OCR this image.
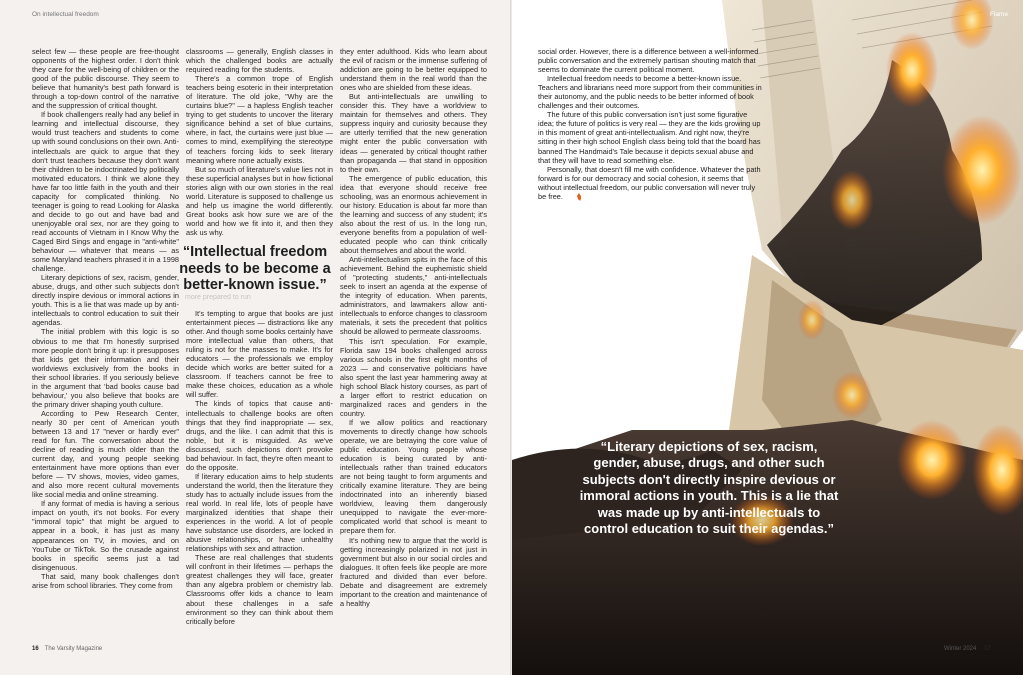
On intellectual freedom

select few — these people are free-thought opponents of the highest order. I don't think they care for the well-being of children or the good of the public discourse. They seem to believe that humanity's best path forward is through a top-down control of the narrative and the suppression of critical thought.

If book challengers really had any belief in learning and intellectual discourse, they would trust teachers and students to come up with sound conclusions on their own. Anti-intellectuals are quick to argue that they don't trust teachers because they don't want their children to be indoctrinated by politically motivated educators. I think we alone they have far too little faith in the youth and their capacity for complicated thinking. No teenager is going to read Looking for Alaska and decide to go out and have bad and unenjoyable oral sex, nor are they going to read accounts of Vietnam in I Know Why the Caged Bird Sings and engage in "anti-white" behaviour — whatever that means — as some Maryland teachers phrased it in a 1998 challenge.

Literary depictions of sex, racism, gender, abuse, drugs, and other such subjects don't directly inspire devious or immoral actions in youth. This is a lie that was made up by anti-intellectuals to control education to suit their agendas.

The initial problem with this logic is so obvious to me that I'm honestly surprised more people don't bring it up: it presupposes that kids get their information and their worldviews exclusively from the books in their school libraries. If you seriously believe in the argument that 'bad books cause bad behaviour,' you also believe that books are the primary driver shaping youth culture.

According to Pew Research Center, nearly 30 per cent of American youth between 13 and 17 "never or hardly ever" read for fun. The conversation about the decline of reading is much older than the current day, and young people seeking entertainment have more options than ever before — TV shows, movies, video games, and also more recent cultural movements like social media and online streaming.

If any format of media is having a serious impact on youth, it's not books. For every "immoral topic" that might be argued to appear in a book, it has just as many appearances on TV, in movies, and on YouTube or TikTok. So the crusade against books in specific seems just a tad disingenuous.

That said, many book challenges don't arise from school libraries. They come from

classrooms — generally, English classes in which the challenged books are actually required reading for the students.

There's a common trope of English teachers being esoteric in their interpretation of literature. The old joke, "Why are the curtains blue?" — a hapless English teacher trying to get students to uncover the literary significance behind a set of blue curtains, where, in fact, the curtains were just blue — comes to mind, exemplifying the stereotype of teachers forcing kids to seek literary meaning where none actually exists.

But so much of literature's value lies not in these superficial analyses but in how fictional stories align with our own stories in the real world. Literature is supposed to challenge us and help us imagine the world differently. Great books ask how sure we are of the world and how we fit into it, and then they ask us why.

“Intellectual freedom needs to be become a better-known issue.”
more prepared to run

It's tempting to argue that books are just entertainment pieces — distractions like any other. And though some books certainly have more intellectual value than others, that ruling is not for the masses to make. It's for educators — the professionals we employ decide which works are better suited for a classroom. If teachers cannot be free to make these choices, education as a whole will suffer.

The kinds of topics that cause anti-intellectuals to challenge books are often things that they find inappropriate — sex, drugs, and the like. I can admit that this is noble, but it is misguided. As we've discussed, such depictions don't provoke bad behaviour. In fact, they're often meant to do the opposite.

If literary education aims to help students understand the world, then the literature they study has to actually include issues from the real world. In real life, lots of people have marginalized identities that shape their experiences in the world. A lot of people have substance use disorders, are locked in abusive relationships, or have unhealthy relationships with sex and attraction.

These are real challenges that students will confront in their lifetimes — perhaps the greatest challenges they will face, greater than any algebra problem or chemistry lab. Classrooms offer kids a chance to learn about these challenges in a safe environment so they can think about them critically before

they enter adulthood. Kids who learn about the evil of racism or the immense suffering of addiction are going to be better equipped to understand them in the real world than the ones who are shielded from these ideas.

But anti-intellectuals are unwilling to consider this. They have a worldview to maintain for themselves and others. They suppress inquiry and curiosity because they are utterly terrified that the new generation might enter the public conversation with ideas — generated by critical thought rather than propaganda — that stand in opposition to their own.

The emergence of public education, this idea that everyone should receive free schooling, was an enormous achievement in our history. Education is about far more than the learning and success of any student; it's also about the rest of us. In the long run, everyone benefits from a population of well-educated people who can think critically about themselves and about the world.

Anti-intellectualism spits in the face of this achievement. Behind the euphemistic shield of "protecting students," anti-intellectuals seek to insert an agenda at the expense of the integrity of education. When parents, administrators, and lawmakers allow anti-intellectuals to enforce changes to classroom materials, it sets the precedent that politics should be allowed to permeate classrooms.

This isn't speculation. For example, Florida saw 194 books challenged across various schools in the first eight months of 2023 — and conservative politicians have also spent the last year hammering away at high school Black history courses, as part of a larger effort to restrict education on marginalized races and genders in the country.

If we allow politics and reactionary movements to directly change how schools operate, we are betraying the core value of public education. Young people whose education is being curated by anti-intellectuals rather than trained educators are not being taught to form arguments and critically examine literature. They are being indoctrinated into an inherently biased worldview, leaving them dangerously unequipped to navigate the ever-more-complicated world that school is meant to prepare them for.

It's nothing new to argue that the world is getting increasingly polarized in not just in government but also in our social circles and dialogues. It often feels like people are more fractured and divided than ever before. Debate and disagreement are extremely important to the creation and maintenance of a healthy

16 The Varsity Magazine
Flame

social order. However, there is a difference between a well-informed public conversation and the extremely partisan shouting match that seems to dominate the current political moment.

Intellectual freedom needs to become a better-known issue. Teachers and librarians need more support from their communities in their autonomy, and the public needs to be better informed of book challenges and their outcomes.

The future of this public conversation isn't just some figurative idea; the future of politics is very real — they are the kids growing up in this moment of great anti-intellectualism. And right now, they're sitting in their high school English class being told that the board has banned The Handmaid's Tale because it depicts sexual abuse and that they will have to read something else.

Personally, that doesn't fill me with confidence. Whatever the path forward is for our democracy and social cohesion, it seems that without intellectual freedom, our public conversation will never truly be free.

“Literary depictions of sex, racism, gender, abuse, drugs, and other such subjects don't directly inspire devious or immoral actions in youth. This is a lie that was made up by anti-intellectuals to control education to suit their agendas.”
Winter 2024 17
